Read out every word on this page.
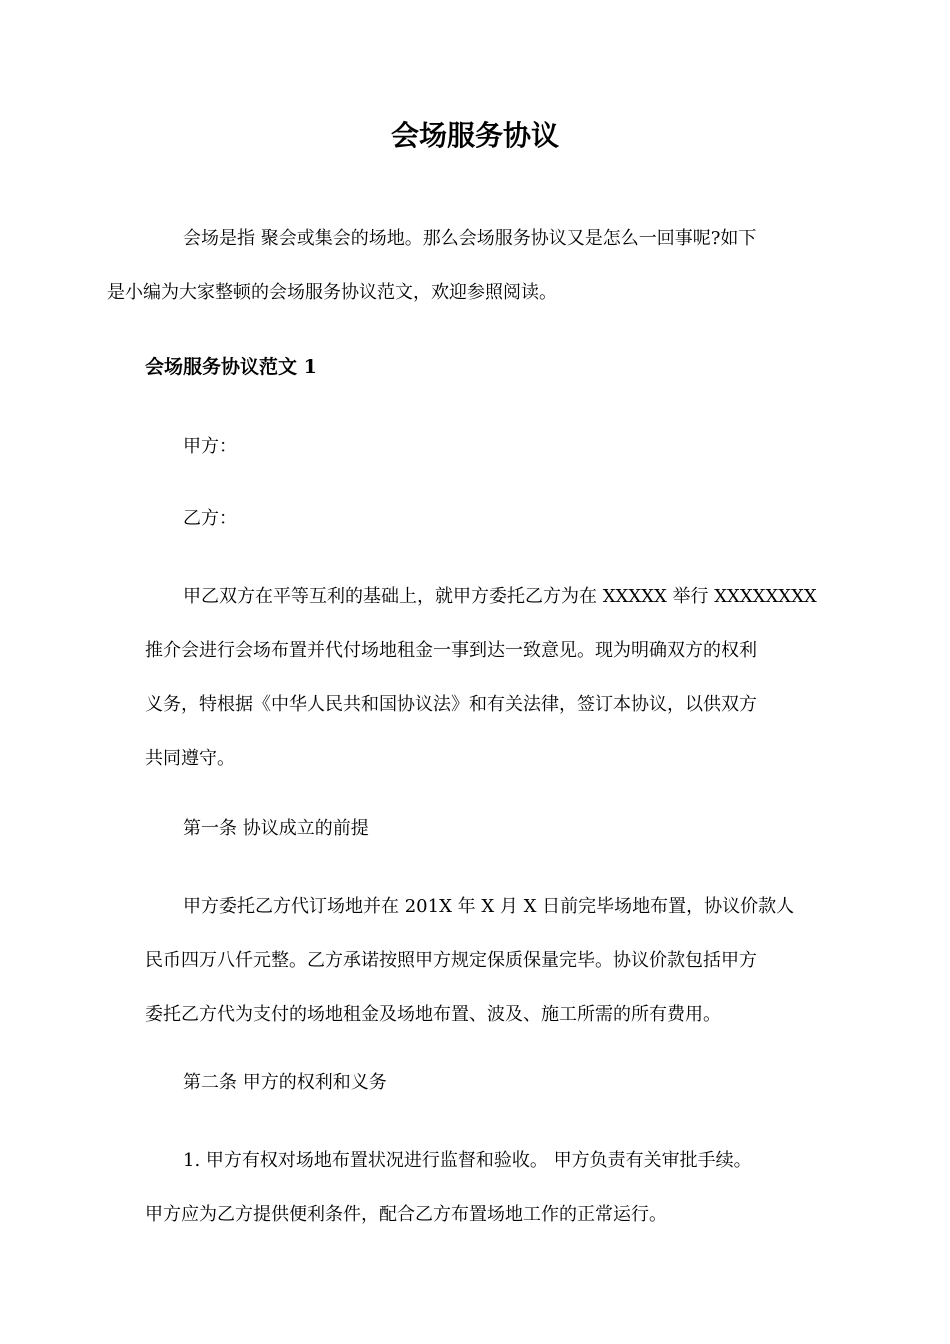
会场服务协议

会场是指 聚会或集会的场地。那么会场服务协议又是怎么一回事呢?如下
是小编为大家整顿的会场服务协议范文，欢迎参照阅读。

会场服务协议范文 1

甲方：

乙方：

甲乙双方在平等互利的基础上，就甲方委托乙方为在 XXXXX 举行 XXXXXXXX
推介会进行会场布置并代付场地租金一事到达一致意见。现为明确双方的权利
义务，特根据《中华人民共和国协议法》和有关法律，签订本协议，以供双方
共同遵守。

第一条 协议成立的前提

甲方委托乙方代订场地并在 201X 年 X 月 X 日前完毕场地布置，协议价款人
民币四万八仟元整。乙方承诺按照甲方规定保质保量完毕。协议价款包括甲方
委托乙方代为支付的场地租金及场地布置、波及、施工所需的所有费用。

第二条 甲方的权利和义务

1. 甲方有权对场地布置状况进行监督和验收。 甲方负责有关审批手续。
甲方应为乙方提供便利条件，配合乙方布置场地工作的正常运行。
